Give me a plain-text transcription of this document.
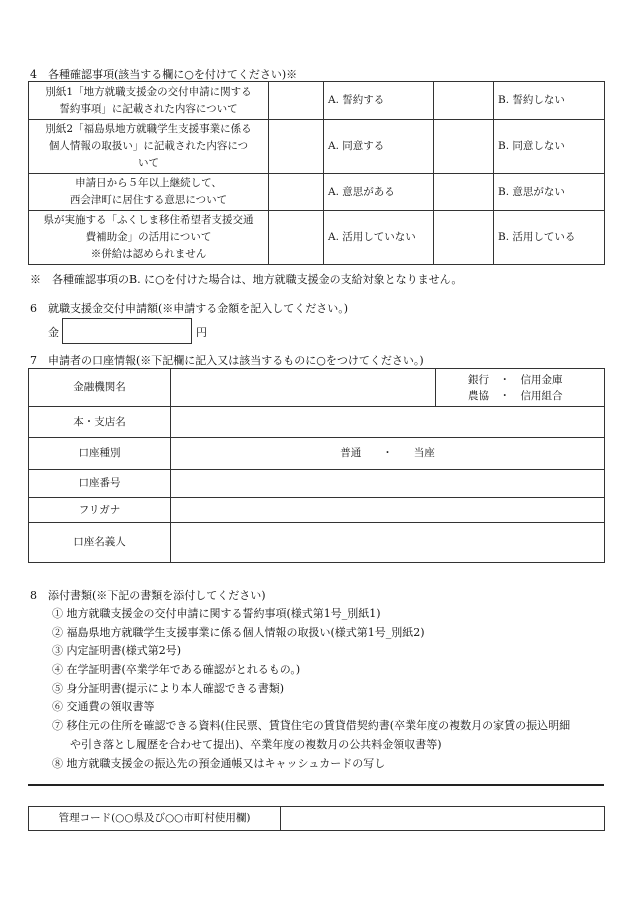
4　各種確認事項(該当する欄に○を付けてください)※
別紙1「地方就職支援金の交付申請に関する
誓約事項」に記載された内容について		A. 誓約する		B. 誓約しない

別紙2「福島県地方就職学生支援事業に係る
個人情報の取扱い」に記載された内容につ
いて		A. 同意する		B. 同意しない

申請日から５年以上継続して、
西会津町に居住する意思について		A. 意思がある		B. 意思がない

県が実施する「ふくしま移住希望者支援交通
費補助金」の活用について
※併給は認められません		A. 活用していない		B. 活用している
※　各種確認事項のB. に○を付けた場合は、地方就職支援金の支給対象となりません。
6　就職支援金交付申請額(※申請する金額を記入してください。)
金	円
7　申請者の口座情報(※下記欄に記入又は該当するものに○をつけてください。)
金融機関名		銀行　・　信用金庫
農協　・　信用組合

本・支店名		
口座種別	普通　　・　　当座	
口座番号		
フリガナ		
口座名義人		
8　添付書類(※下記の書類を添付してください)
① 地方就職支援金の交付申請に関する誓約事項(様式第1号_別紙1)
② 福島県地方就職学生支援事業に係る個人情報の取扱い(様式第1号_別紙2)
③ 内定証明書(様式第2号)
④ 在学証明書(卒業学年である確認がとれるもの。)
⑤ 身分証明書(提示により本人確認できる書類)
⑥ 交通費の領収書等
⑦ 移住元の住所を確認できる資料(住民票、賃貸住宅の賃貸借契約書(卒業年度の複数月の家賃の振込明細
や引き落とし履歴を合わせて提出)、卒業年度の複数月の公共料金領収書等)
⑧ 地方就職支援金の振込先の預金通帳又はキャッシュカードの写し
管理コード(○○県及び○○市町村使用欄)	
